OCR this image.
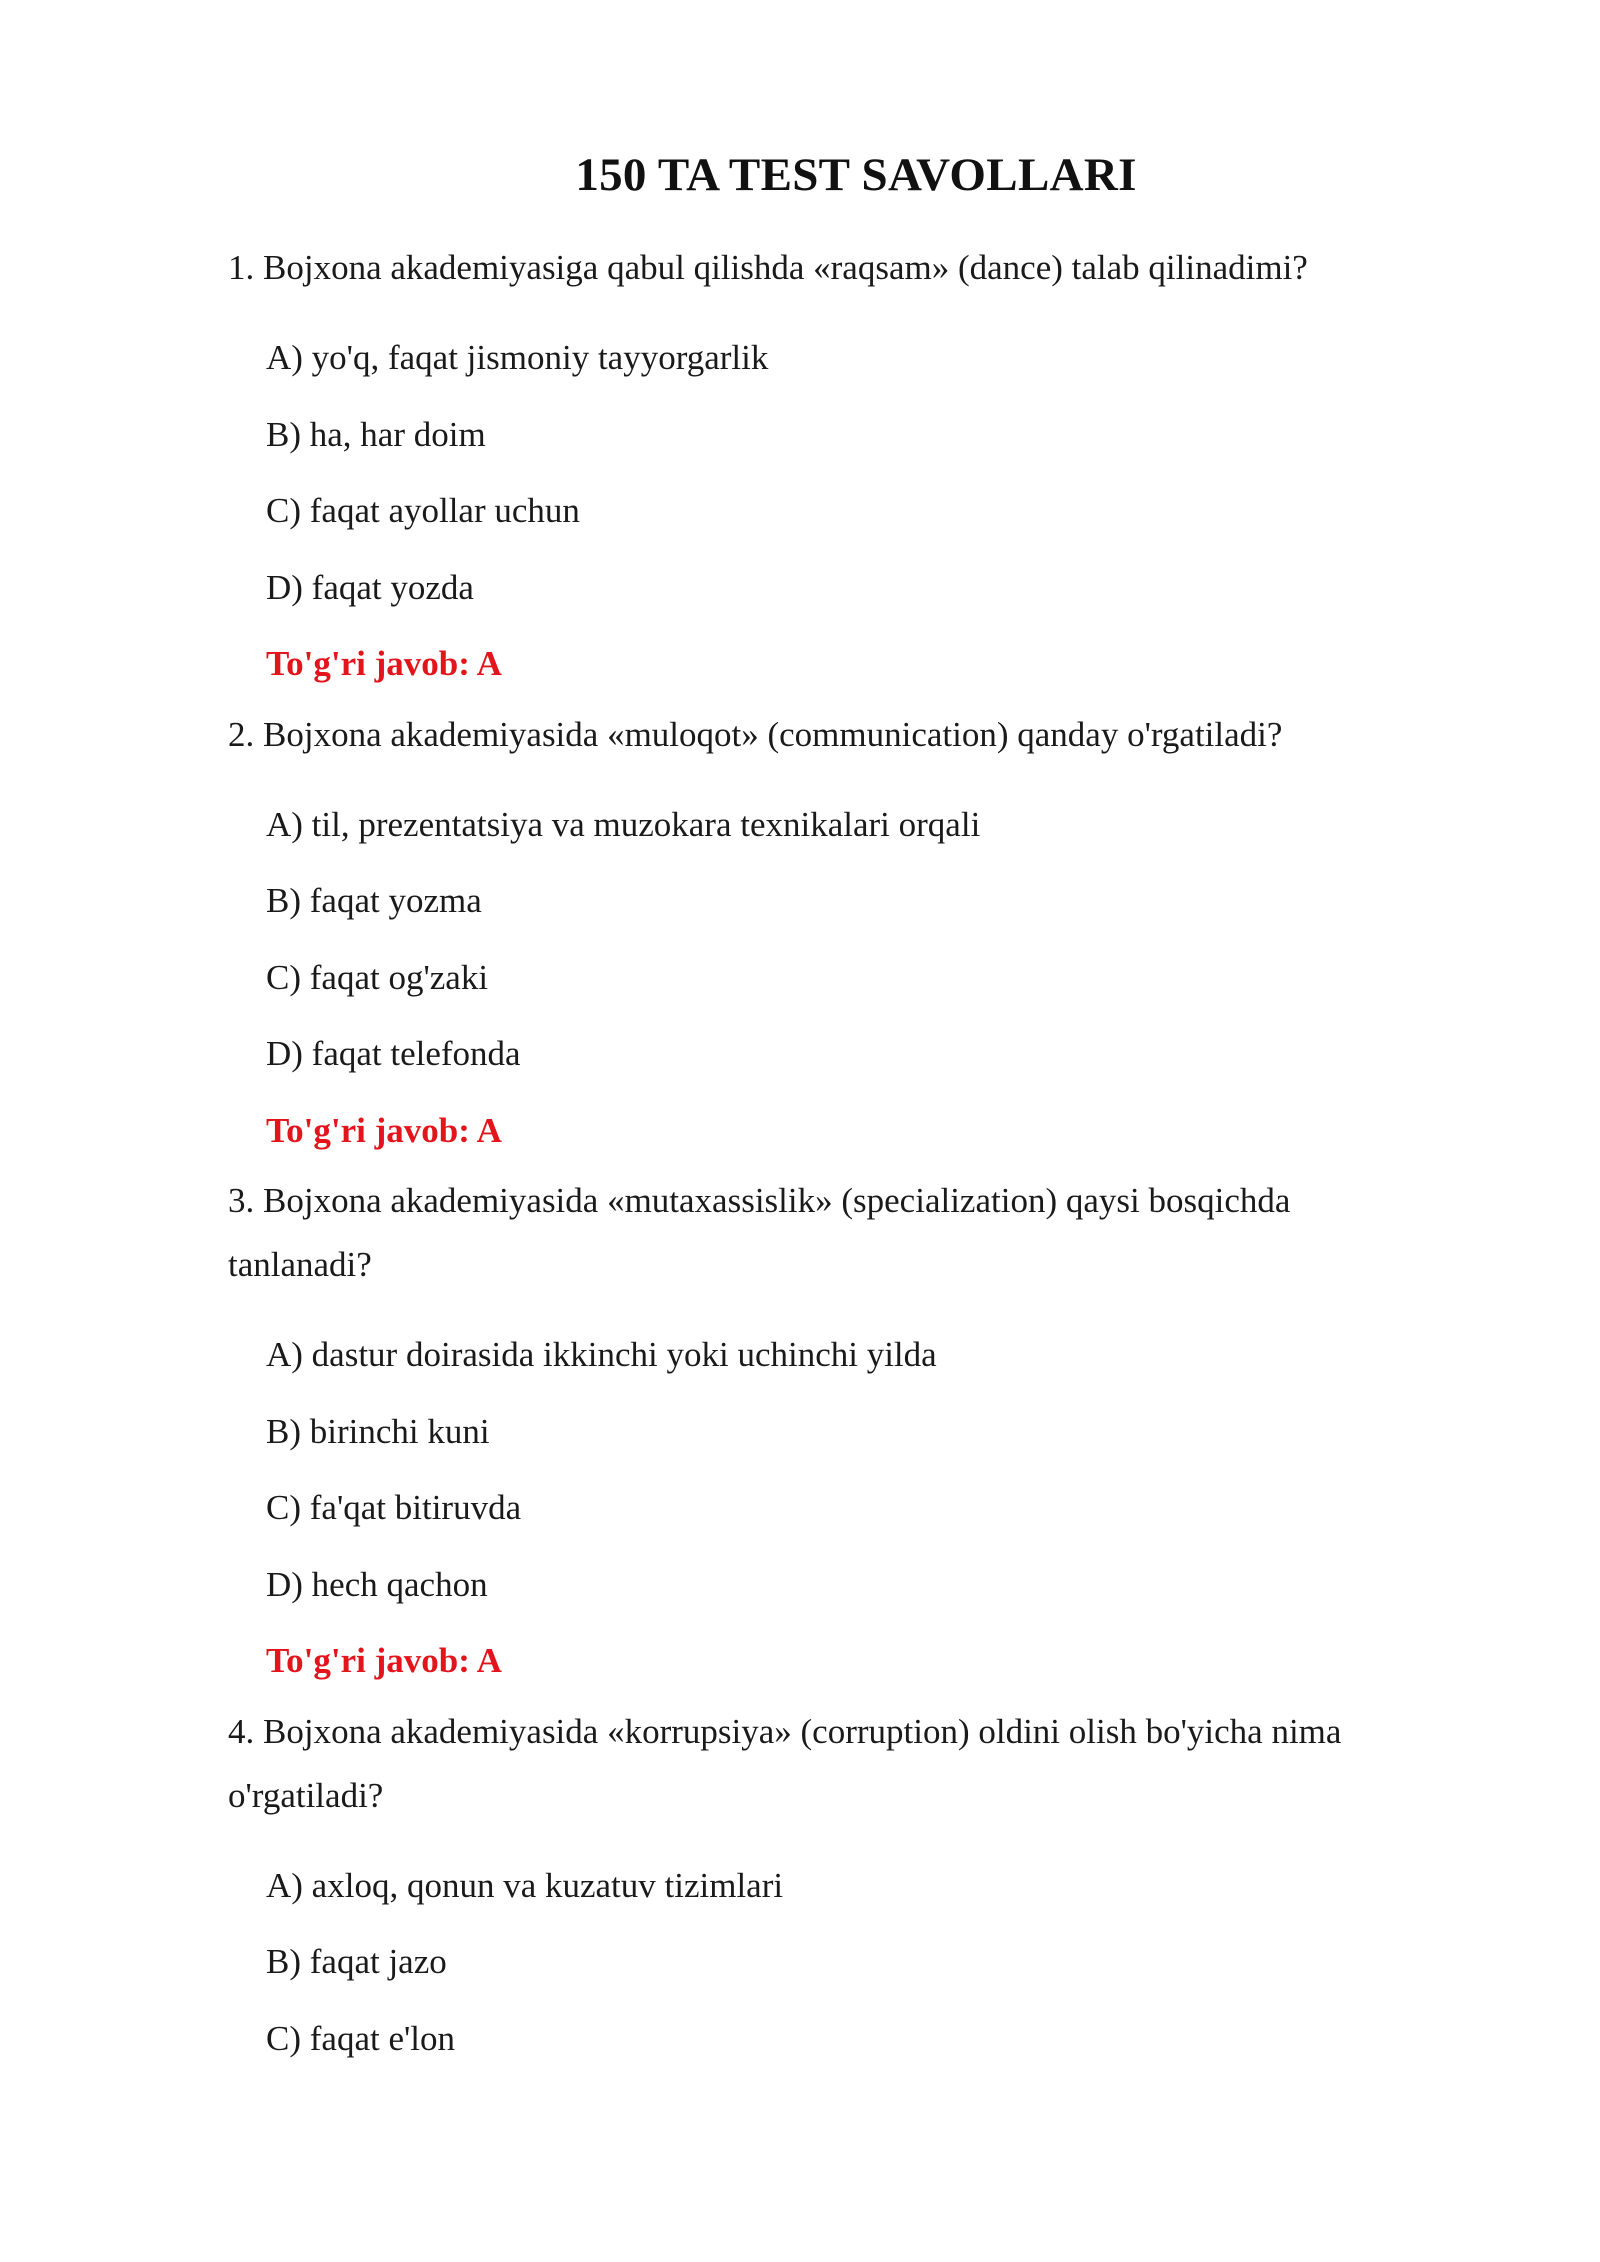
150 TA TEST SAVOLLARI

1. Bojxona akademiyasiga qabul qilishda «raqsam» (dance) talab qilinadimi?

A) yo'q, faqat jismoniy tayyorgarlik
B) ha, har doim
C) faqat ayollar uchun
D) faqat yozda
To'g'ri javob: A

2. Bojxona akademiyasida «muloqot» (communication) qanday o'rgatiladi?

A) til, prezentatsiya va muzokara texnikalari orqali
B) faqat yozma
C) faqat og'zaki
D) faqat telefonda
To'g'ri javob: A

3. Bojxona akademiyasida «mutaxassislik» (specialization) qaysi bosqichda tanlanadi?

A) dastur doirasida ikkinchi yoki uchinchi yilda
B) birinchi kuni
C) fa'qat bitiruvda
D) hech qachon
To'g'ri javob: A

4. Bojxona akademiyasida «korrupsiya» (corruption) oldini olish bo'yicha nima o'rgatiladi?

A) axloq, qonun va kuzatuv tizimlari
B) faqat jazo
C) faqat e'lon
